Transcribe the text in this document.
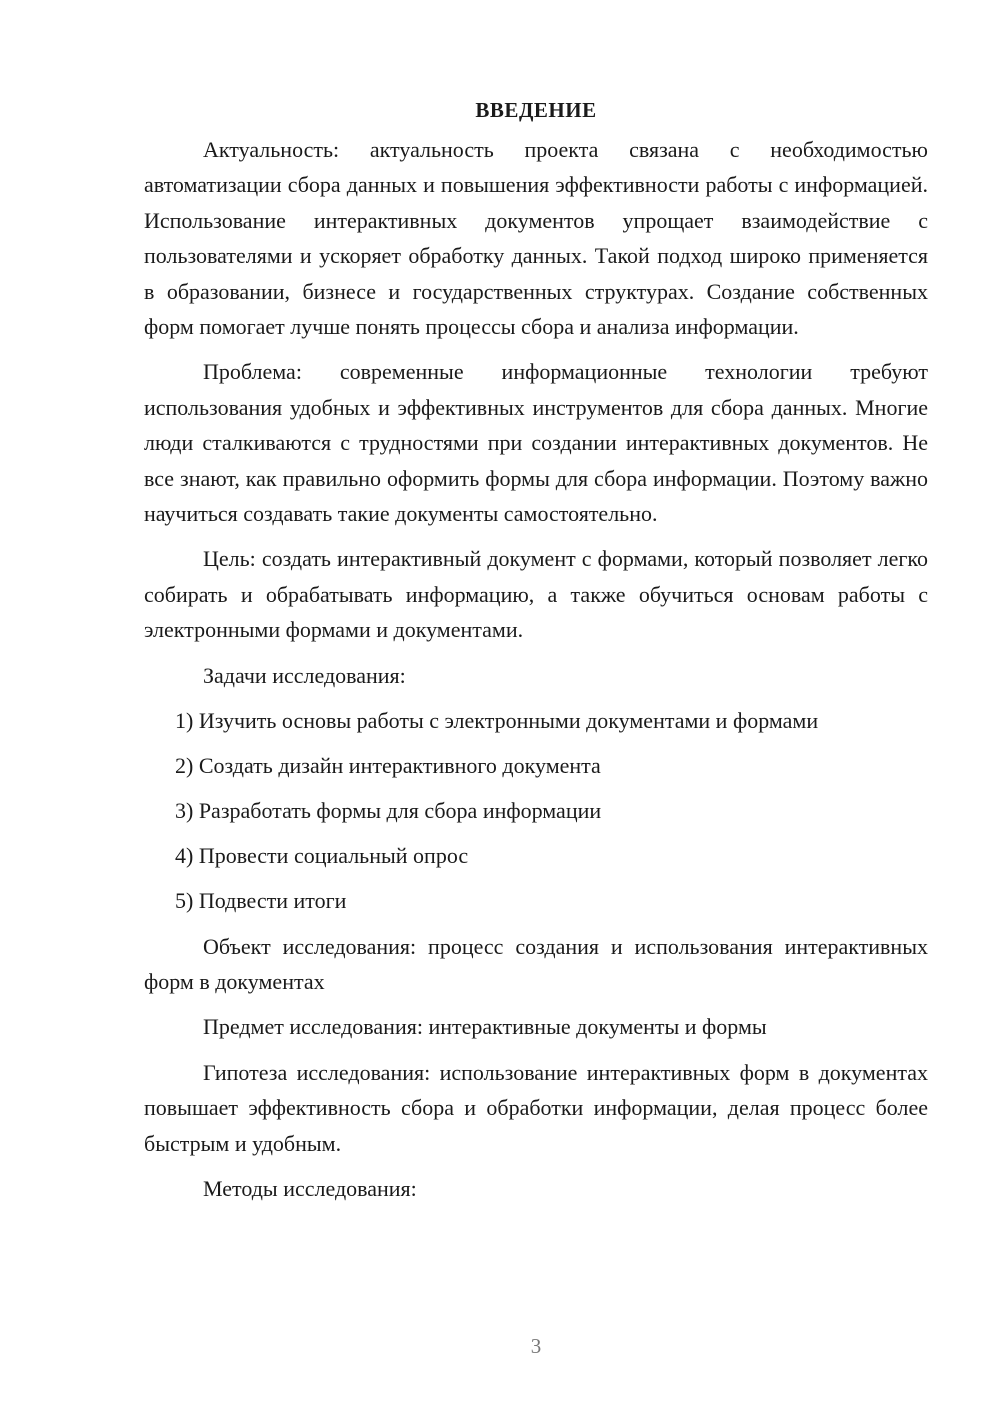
ВВЕДЕНИЕ

Актуальность: актуальность проекта связана с необходимостью автоматизации сбора данных и повышения эффективности работы с информацией. Использование интерактивных документов упрощает взаимодействие с пользователями и ускоряет обработку данных. Такой подход широко применяется в образовании, бизнесе и государственных структурах. Создание собственных форм помогает лучше понять процессы сбора и анализа информации.

Проблема: современные информационные технологии требуют использования удобных и эффективных инструментов для сбора данных. Многие люди сталкиваются с трудностями при создании интерактивных документов. Не все знают, как правильно оформить формы для сбора информации. Поэтому важно научиться создавать такие документы самостоятельно.

Цель: создать интерактивный документ с формами, который позволяет легко собирать и обрабатывать информацию, а также обучиться основам работы с электронными формами и документами.

Задачи исследования:

1) Изучить основы работы с электронными документами и формами
2) Создать дизайн интерактивного документа
3) Разработать формы для сбора информации
4) Провести социальный опрос
5) Подвести итоги

Объект исследования: процесс создания и использования интерактивных форм в документах

Предмет исследования: интерактивные документы и формы

Гипотеза исследования: использование интерактивных форм в документах повышает эффективность сбора и обработки информации, делая процесс более быстрым и удобным.

Методы исследования:

3
